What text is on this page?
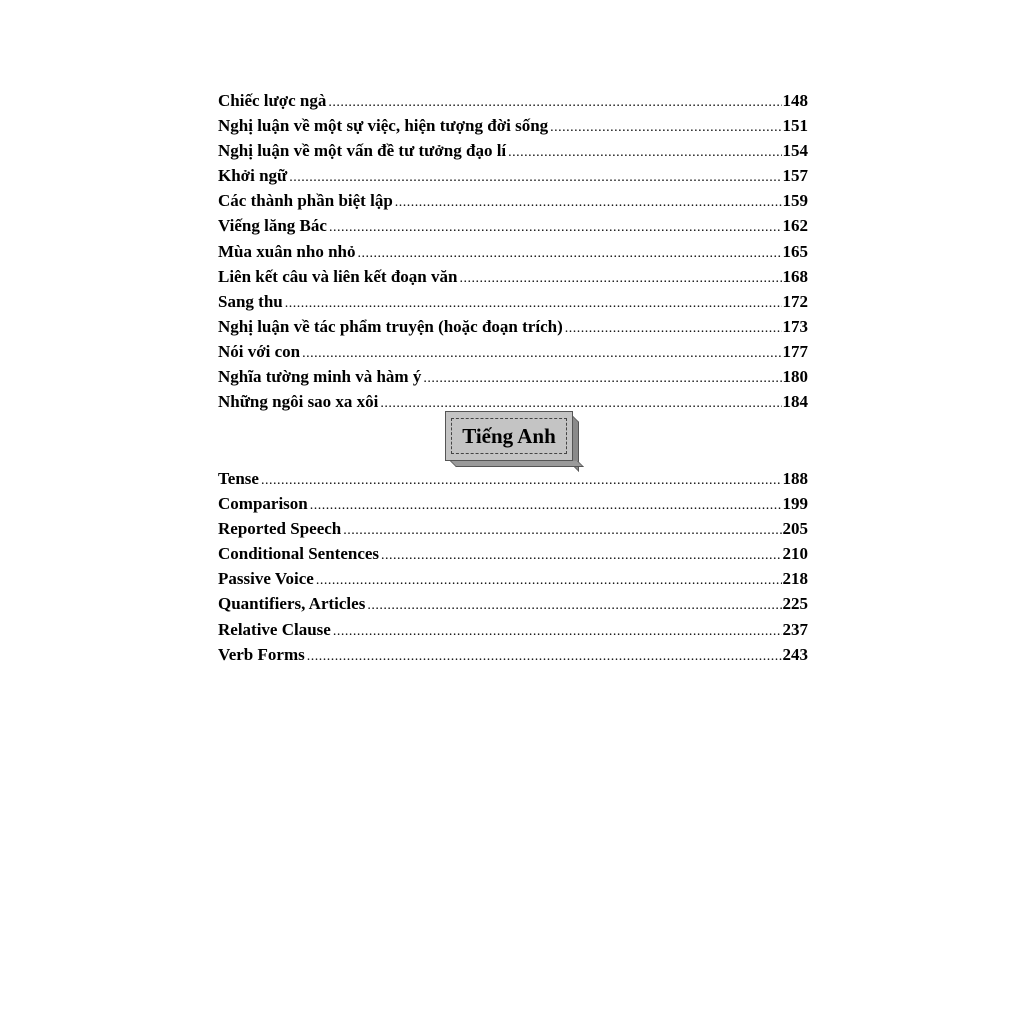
Chiếc lược ngà .....	148
Nghị luận về một sự việc, hiện tượng đời sống .....	151
Nghị luận về một vấn đề tư tưởng đạo lí .....	154
Khởi ngữ .....	157
Các thành phần biệt lập .....	159
Viếng lăng Bác .....	162
Mùa xuân nho nhỏ .....	165
Liên kết câu và liên kết đoạn văn .....	168
Sang thu .....	172
Nghị luận về tác phẩm truyện (hoặc đoạn trích) .....	173
Nói với con .....	177
Nghĩa tường minh và hàm ý .....	180
Những ngôi sao xa xôi .....	184
Tiếng Anh
Tense .....	188
Comparison .....	199
Reported Speech .....	205
Conditional Sentences .....	210
Passive Voice .....	218
Quantifiers, Articles .....	225
Relative Clause .....	237
Verb Forms .....	243
